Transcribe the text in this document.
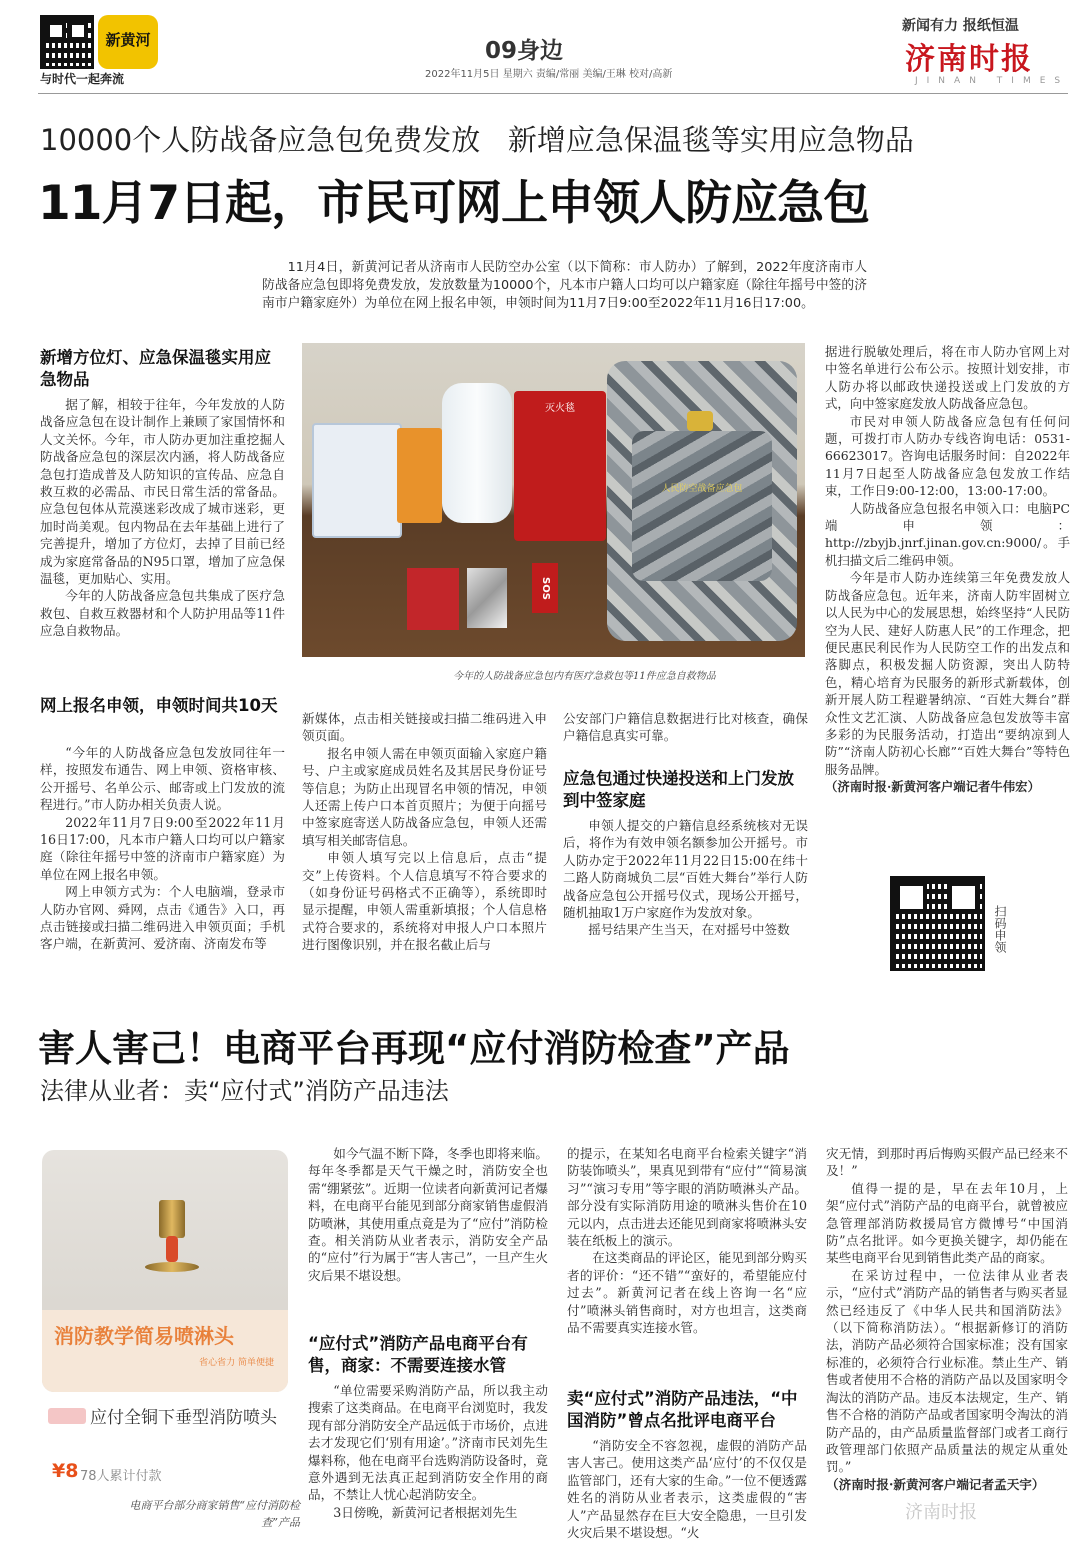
新黄河
与时代一起奔流
09身边
2022年11月5日 星期六 责编/常丽 美编/王琳 校对/高新
新闻有力 报纸恒温
济南时报
JINAN TIMES
10000个人防战备应急包免费发放   新增应急保温毯等实用应急物品
11月7日起，市民可网上申领人防应急包
11月4日，新黄河记者从济南市人民防空办公室（以下简称：市人防办）了解到，2022年度济南市人防战备应急包即将免费发放，发放数量为10000个，凡本市户籍人口均可以户籍家庭（除往年摇号中签的济南市户籍家庭外）为单位在网上报名申领，申领时间为11月7日9:00至2022年11月16日17:00。
人民防空战备应急包
灭火毯
SOS
今年的人防战备应急包内有医疗急救包等11件应急自救物品
新增方位灯、应急保温毯实用应急物品

据了解，相较于往年，今年发放的人防战备应急包在设计制作上兼顾了家国情怀和人文关怀。今年，市人防办更加注重挖掘人防战备应急包的深层次内涵，将人防战备应急包打造成普及人防知识的宣传品、应急自救互救的必需品、市民日常生活的常备品。应急包包体从荒漠迷彩改成了城市迷彩，更加时尚美观。包内物品在去年基础上进行了完善提升，增加了方位灯，去掉了目前已经成为家庭常备品的N95口罩，增加了应急保温毯，更加贴心、实用。

今年的人防战备应急包共集成了医疗急救包、自救互救器材和个人防护用品等11件应急自救物品。

网上报名申领，申领时间共10天

“今年的人防战备应急包发放同往年一样，按照发布通告、网上申领、资格审核、公开摇号、名单公示、邮寄或上门发放的流程进行。”市人防办相关负责人说。

2022年11月7日9:00至2022年11月16日17:00，凡本市户籍人口均可以户籍家庭（除往年摇号中签的济南市户籍家庭）为单位在网上报名申领。

网上申领方式为：个人电脑端，登录市人防办官网、舜网，点击《通告》入口，再点击链接或扫描二维码进入申领页面；手机客户端，在新黄河、爱济南、济南发布等

新媒体，点击相关链接或扫描二维码进入申领页面。

报名申领人需在申领页面输入家庭户籍号、户主或家庭成员姓名及其居民身份证号等信息；为防止出现冒名申领的情况，申领人还需上传户口本首页照片；为便于向摇号中签家庭寄送人防战备应急包，申领人还需填写相关邮寄信息。

申领人填写完以上信息后，点击“提交”上传资料。个人信息填写不符合要求的（如身份证号码格式不正确等），系统即时显示提醒，申领人需重新填报；个人信息格式符合要求的，系统将对申报人户口本照片进行图像识别，并在报名截止后与

公安部门户籍信息数据进行比对核查，确保户籍信息真实可靠。

应急包通过快递投送和上门发放到中签家庭

申领人提交的户籍信息经系统核对无误后，将作为有效申领名额参加公开摇号。市人防办定于2022年11月22日15:00在纬十二路人防商城负二层“百姓大舞台”举行人防战备应急包公开摇号仪式，现场公开摇号，随机抽取1万户家庭作为发放对象。

摇号结果产生当天，在对摇号中签数

据进行脱敏处理后，将在市人防办官网上对中签名单进行公布公示。按照计划安排，市人防办将以邮政快递投送或上门发放的方式，向中签家庭发放人防战备应急包。

市民对申领人防战备应急包有任何问题，可拨打市人防办专线咨询电话：0531-66623017。咨询电话服务时间：自2022年11月7日起至人防战备应急包发放工作结束，工作日9:00-12:00，13:00-17:00。

人防战备应急包报名申领入口：电脑PC端申领：http://zbyjb.jnrf.jinan.gov.cn:9000/。手机扫描文后二维码申领。

今年是市人防办连续第三年免费发放人防战备应急包。近年来，济南人防牢固树立以人民为中心的发展思想，始终坚持“人民防空为人民、建好人防惠人民”的工作理念，把便民惠民利民作为人民防空工作的出发点和落脚点，积极发掘人防资源，突出人防特色，精心培育为民服务的新形式新载体，创新开展人防工程避暑纳凉、“百姓大舞台”群众性文艺汇演、人防战备应急包发放等丰富多彩的为民服务活动，打造出“要纳凉到人防”“济南人防初心长廊”“百姓大舞台”等特色服务品牌。

（济南时报·新黄河客户端记者牛伟宏）

扫码申领
害人害己！电商平台再现“应付消防检查”产品
法律从业者：卖“应付式”消防产品违法
消防教学简易喷淋头
省心省力 简单便捷
应付全铜下垂型消防喷头
¥8 78人累计付款
电商平台部分商家销售“应付消防检查”产品

如今气温不断下降，冬季也即将来临。每年冬季都是天气干燥之时，消防安全也需“绷紧弦”。近期一位读者向新黄河记者爆料，在电商平台能见到部分商家销售虚假消防喷淋，其使用重点竟是为了“应付”消防检查。相关消防从业者表示，消防安全产品的“应付”行为属于“害人害己”，一旦产生火灾后果不堪设想。

“应付式”消防产品电商平台有售，商家：不需要连接水管

“单位需要采购消防产品，所以我主动搜索了这类商品。在电商平台浏览时，我发现有部分消防安全产品远低于市场价，点进去才发现它们‘别有用途’。”济南市民刘先生爆料称，他在电商平台选购消防设备时，竟意外遇到无法真正起到消防安全作用的商品，不禁让人忧心起消防安全。

3日傍晚，新黄河记者根据刘先生

的提示，在某知名电商平台检索关键字“消防装饰喷头”，果真见到带有“应付”“简易演习”“演习专用”等字眼的消防喷淋头产品。部分没有实际消防用途的喷淋头售价在10元以内，点击进去还能见到商家将喷淋头安装在纸板上的演示。

在这类商品的评论区，能见到部分购买者的评价：“还不错”“蛮好的，希望能应付过去”。新黄河记者在线上咨询一名“应付”喷淋头销售商时，对方也坦言，这类商品不需要真实连接水管。

卖“应付式”消防产品违法，“中国消防”曾点名批评电商平台

“消防安全不容忽视，虚假的消防产品害人害己。使用这类产品‘应付’的不仅仅是监管部门，还有大家的生命。”一位不便透露姓名的消防从业者表示，这类虚假的“害人”产品显然存在巨大安全隐患，一旦引发火灾后果不堪设想。“火

灾无情，到那时再后悔购买假产品已经来不及！”

值得一提的是，早在去年10月，上架“应付式”消防产品的电商平台，就曾被应急管理部消防救援局官方微博号“中国消防”点名批评。如今更换关键字，却仍能在某些电商平台见到销售此类产品的商家。

在采访过程中，一位法律从业者表示，“应付式”消防产品的销售者与购买者显然已经违反了《中华人民共和国消防法》（以下简称消防法）。“根据新修订的消防法，消防产品必须符合国家标准；没有国家标准的，必须符合行业标准。禁止生产、销售或者使用不合格的消防产品以及国家明令淘汰的消防产品。违反本法规定，生产、销售不合格的消防产品或者国家明令淘汰的消防产品的，由产品质量监督部门或者工商行政管理部门依照产品质量法的规定从重处罚。”

（济南时报·新黄河客户端记者孟天宇）

济南时报
